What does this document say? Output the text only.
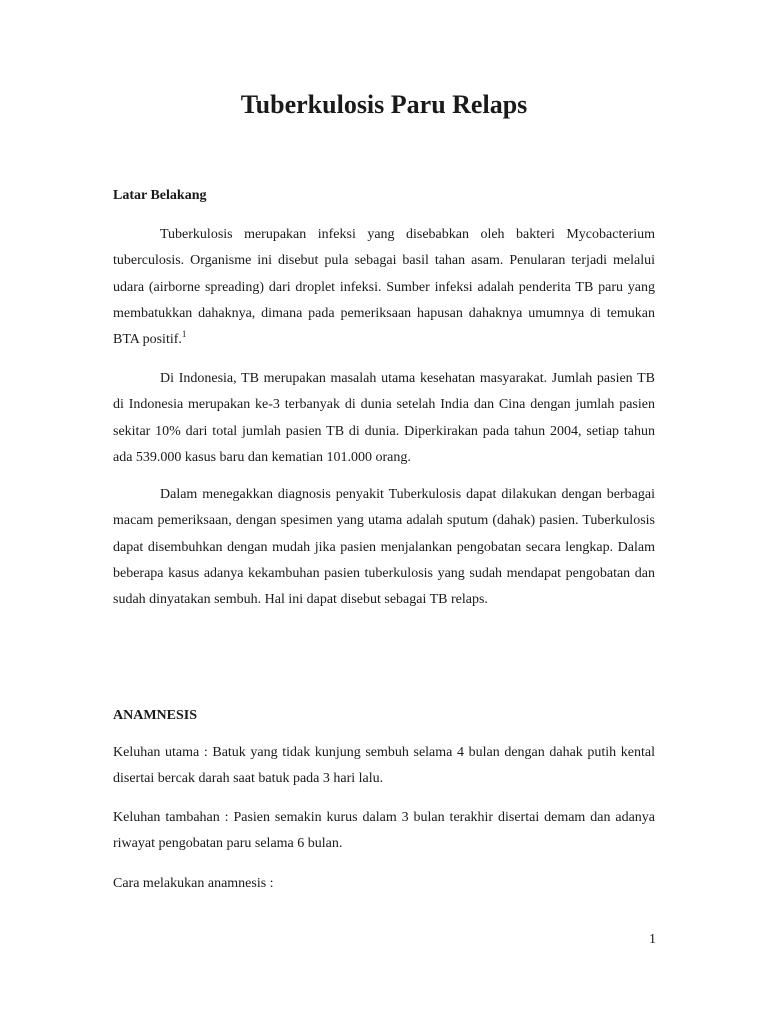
Tuberkulosis Paru Relaps
Latar Belakang

Tuberkulosis merupakan infeksi yang disebabkan oleh bakteri Mycobacterium tuberculosis. Organisme ini disebut pula sebagai basil tahan asam. Penularan terjadi melalui udara (airborne spreading) dari droplet infeksi. Sumber infeksi adalah penderita TB paru yang membatukkan dahaknya, dimana pada pemeriksaan hapusan dahaknya umumnya di temukan BTA positif.$^1$

Di Indonesia, TB merupakan masalah utama kesehatan masyarakat. Jumlah pasien TB di Indonesia merupakan ke-3 terbanyak di dunia setelah India dan Cina dengan jumlah pasien sekitar 10% dari total jumlah pasien TB di dunia. Diperkirakan pada tahun 2004, setiap tahun ada 539.000 kasus baru dan kematian 101.000 orang.

Dalam menegakkan diagnosis penyakit Tuberkulosis dapat dilakukan dengan berbagai macam pemeriksaan, dengan spesimen yang utama adalah sputum (dahak) pasien. Tuberkulosis dapat disembuhkan dengan mudah jika pasien menjalankan pengobatan secara lengkap. Dalam beberapa kasus adanya kekambuhan pasien tuberkulosis yang sudah mendapat pengobatan dan sudah dinyatakan sembuh. Hal ini dapat disebut sebagai TB relaps.

ANAMNESIS

Keluhan utama : Batuk yang tidak kunjung sembuh selama 4 bulan dengan dahak putih kental disertai bercak darah saat batuk pada 3 hari lalu.

Keluhan tambahan : Pasien semakin kurus dalam 3 bulan terakhir disertai demam dan adanya riwayat pengobatan paru selama 6 bulan.

Cara melakukan anamnesis :

1
